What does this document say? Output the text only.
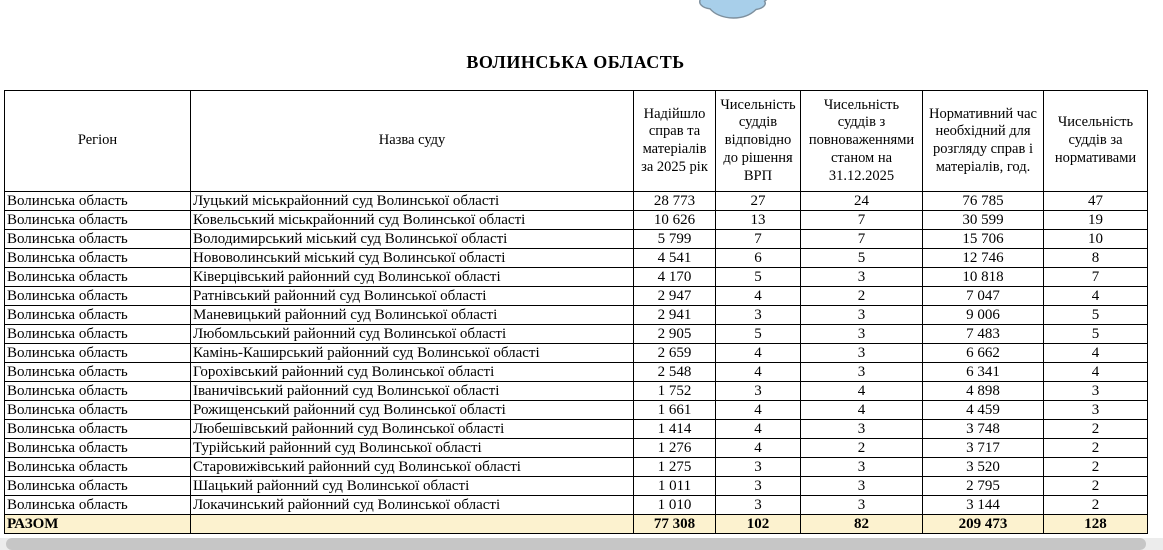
ВОЛИНСЬКА ОБЛАСТЬ
Регіон	Назва суду	Надійшло справ та матеріалів за 2025 рік	Чисельність суддів відповідно до рішення ВРП	Чисельність суддів з повноваженнями станом на 31.12.2025	Нормативний час необхідний для розгляду справ і матеріалів, год.	Чисельність суддів за нормативами
Волинська область	Луцький міськрайонний суд Волинської області	28 773	27	24	76 785	47
Волинська область	Ковельський міськрайонний суд Волинської області	10 626	13	7	30 599	19
Волинська область	Володимирський міський суд Волинської області	5 799	7	7	15 706	10
Волинська область	Нововолинський міський суд Волинської області	4 541	6	5	12 746	8
Волинська область	Ківерцівський районний суд Волинської області	4 170	5	3	10 818	7
Волинська область	Ратнівський районний суд Волинської області	2 947	4	2	7 047	4
Волинська область	Маневицький районний суд Волинської області	2 941	3	3	9 006	5
Волинська область	Любомльський районний суд Волинської області	2 905	5	3	7 483	5
Волинська область	Камінь-Каширський районний суд Волинської області	2 659	4	3	6 662	4
Волинська область	Горохівський районний суд Волинської області	2 548	4	3	6 341	4
Волинська область	Іваничівський районний суд Волинської області	1 752	3	4	4 898	3
Волинська область	Рожищенський районний суд Волинської області	1 661	4	4	4 459	3
Волинська область	Любешівський районний суд Волинської області	1 414	4	3	3 748	2
Волинська область	Турійський районний суд Волинської області	1 276	4	2	3 717	2
Волинська область	Старовижівський районний суд Волинської області	1 275	3	3	3 520	2
Волинська область	Шацький районний суд Волинської області	1 011	3	3	2 795	2
Волинська область	Локачинський районний суд Волинської області	1 010	3	3	3 144	2
РАЗОМ		77 308	102	82	209 473	128
